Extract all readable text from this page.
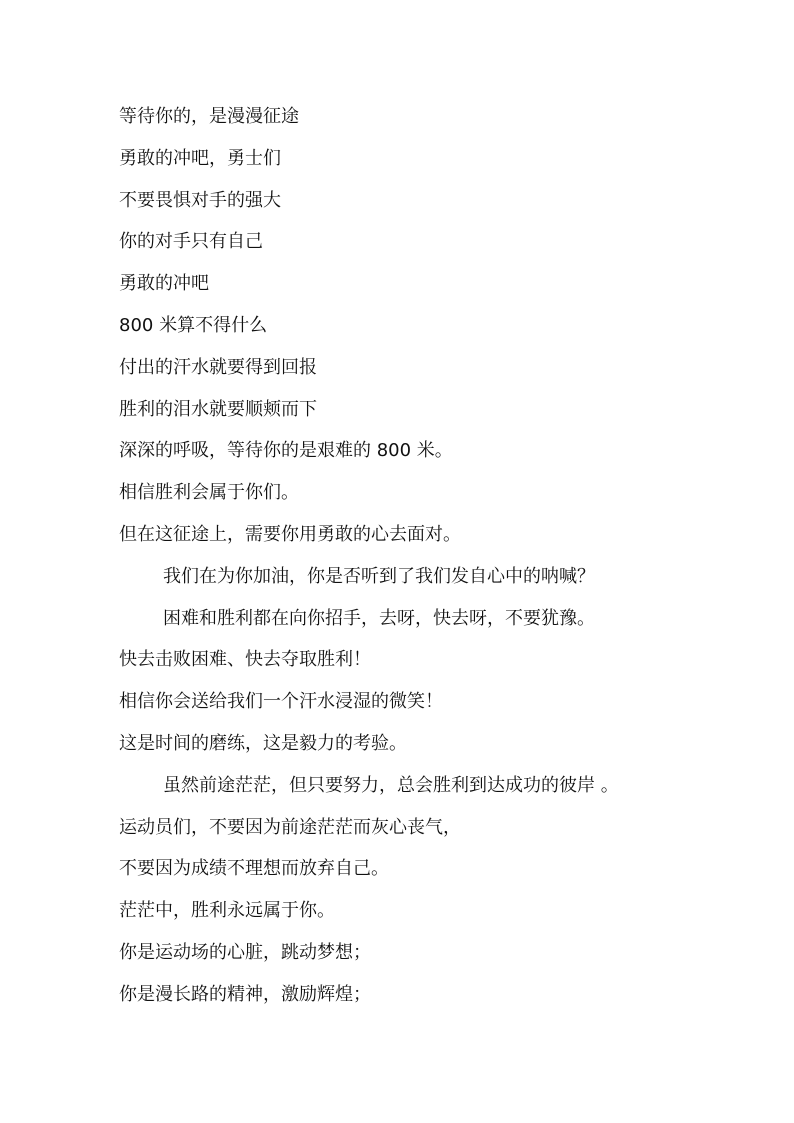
等待你的，是漫漫征途
勇敢的冲吧，勇士们
不要畏惧对手的强大
你的对手只有自己
勇敢的冲吧
800 米算不得什么
付出的汗水就要得到回报
胜利的泪水就要顺颊而下
深深的呼吸，等待你的是艰难的 800 米。
相信胜利会属于你们。
但在这征途上，需要你用勇敢的心去面对。
我们在为你加油，你是否听到了我们发自心中的呐喊？
困难和胜利都在向你招手，去呀，快去呀，不要犹豫。
快去击败困难、快去夺取胜利！
相信你会送给我们一个汗水浸湿的微笑！
这是时间的磨练，这是毅力的考验。
虽然前途茫茫，但只要努力，总会胜利到达成功的彼岸 。
运动员们，不要因为前途茫茫而灰心丧气，
不要因为成绩不理想而放弃自己。
茫茫中，胜利永远属于你。
你是运动场的心脏，跳动梦想；
你是漫长路的精神，激励辉煌；
